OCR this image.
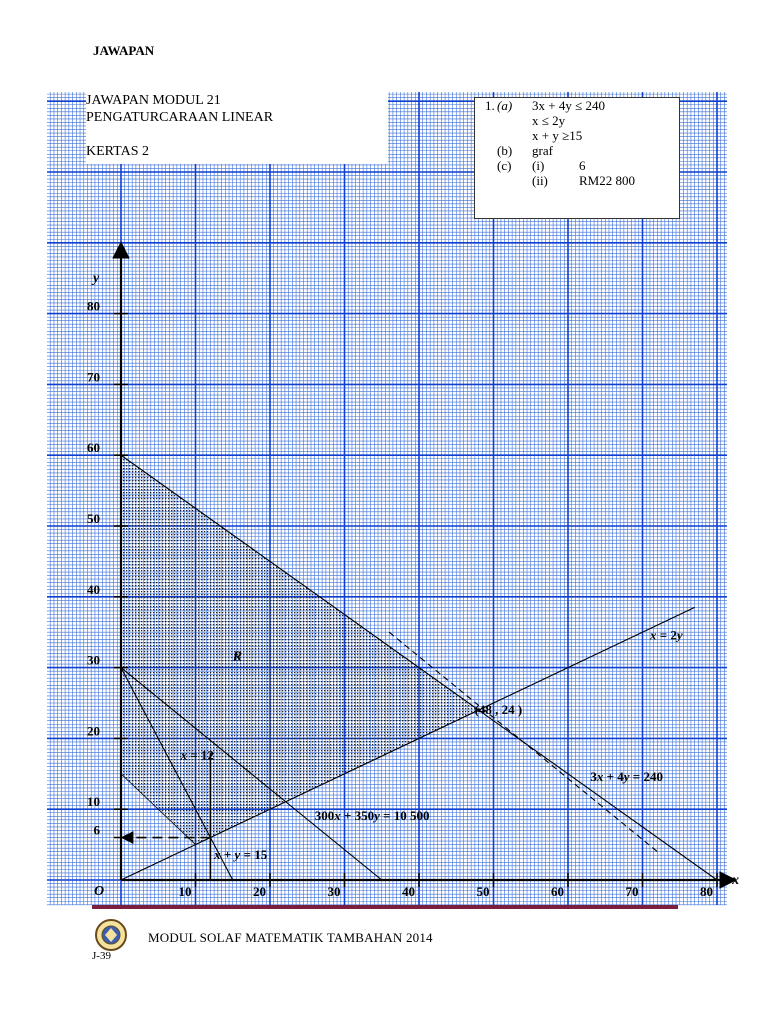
10	20	30	40	50	60	70	80
6
10
20
30
40
50
60
70
80
O
y
x
(48 , 24 )
R
x = 2y
x = 12
x + y = 15
3x + 4y = 240
300x + 350y = 10 500
JAWAPAN
JAWAPAN MODUL 21
PENGATURCARAAN LINEAR
KERTAS 2
1. (a) 3x + 4y ≤ 240
x ≤ 2y
x + y ≥15
(b) graf
(c) (i)	6
(ii) RM22 800
MODUL SOLAF MATEMATIK TAMBAHAN 2014
J-39
